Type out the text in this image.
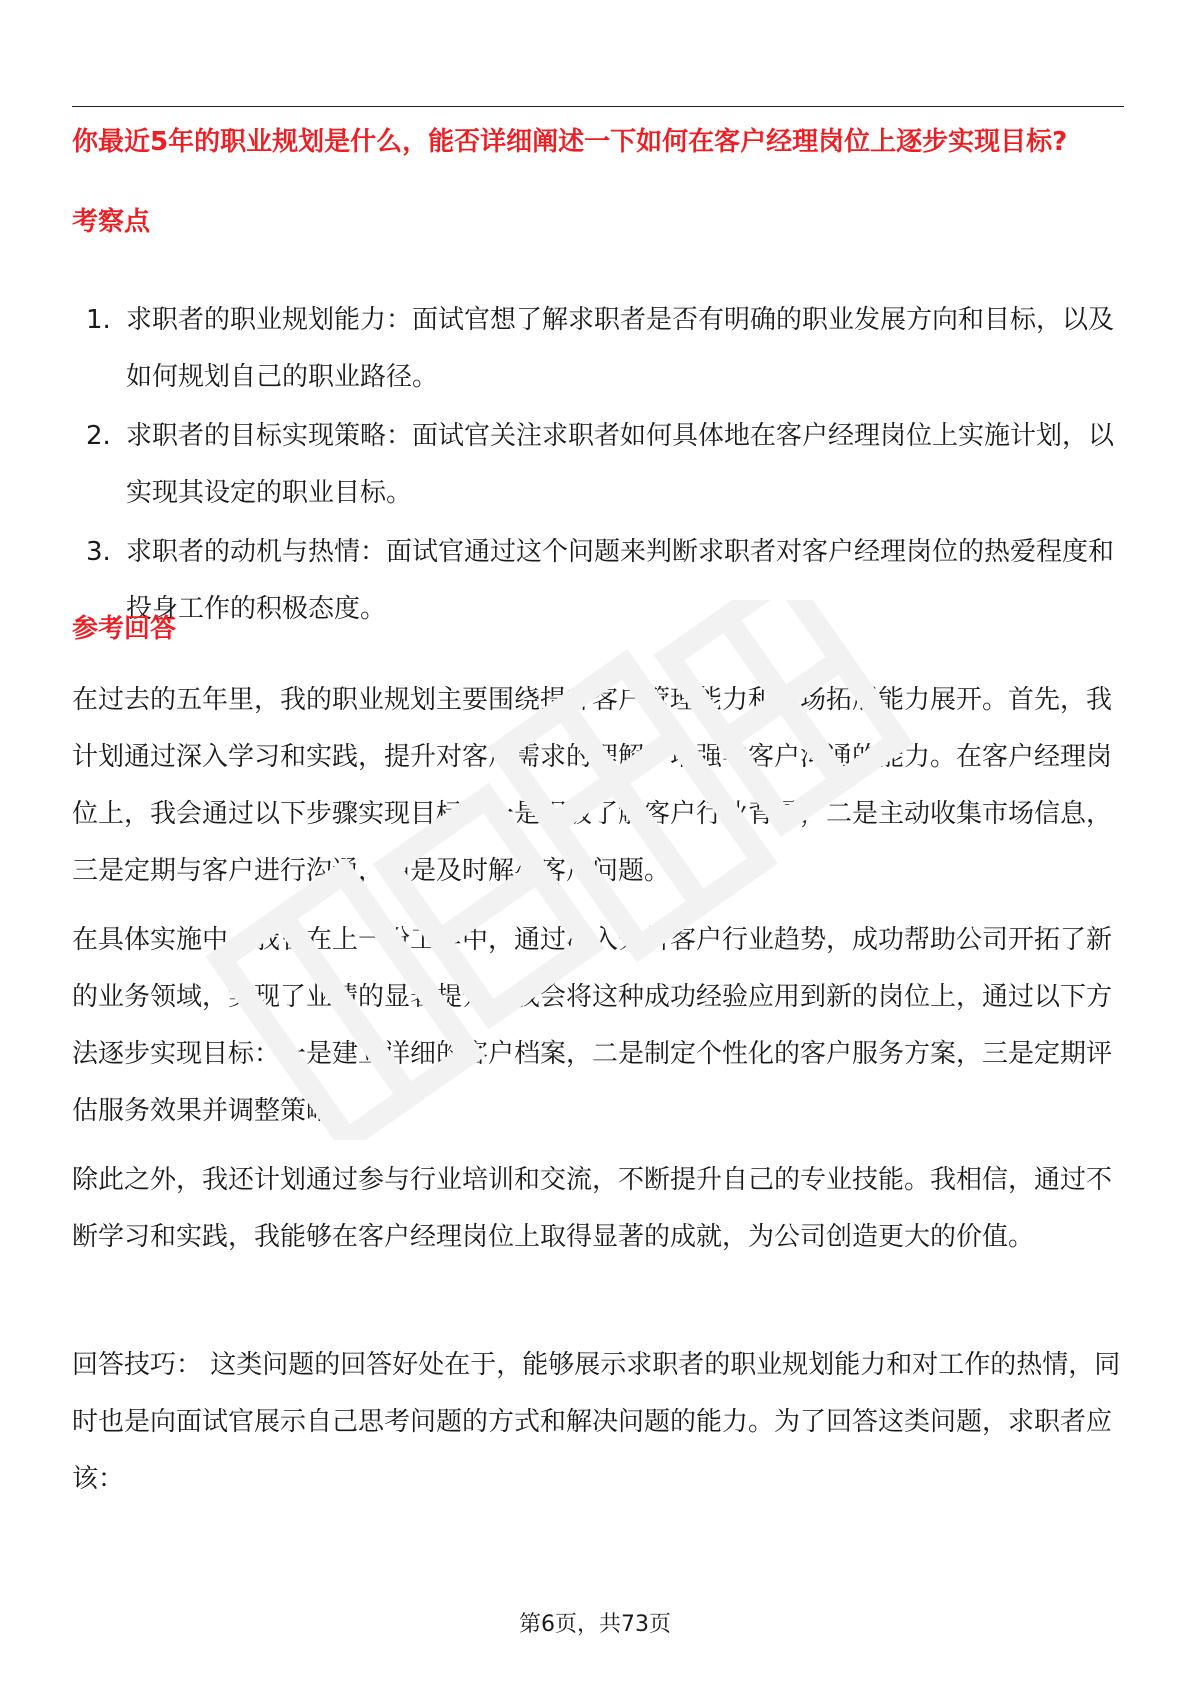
你最近5年的职业规划是什么，能否详细阐述一下如何在客户经理岗位上逐步实现目标?
考察点
1. 求职者的职业规划能力：面试官想了解求职者是否有明确的职业发展方向和目标，以及如何规划自己的职业路径。
2. 求职者的目标实现策略：面试官关注求职者如何具体地在客户经理岗位上实施计划，以实现其设定的职业目标。
3. 求职者的动机与热情：面试官通过这个问题来判断求职者对客户经理岗位的热爱程度和投身工作的积极态度。
参考回答

在过去的五年里，我的职业规划主要围绕提升客户管理能力和市场拓展能力展开。首先，我计划通过深入学习和实践，提升对客户需求的理解，增强与客户沟通的能力。在客户经理岗位上，我会通过以下步骤实现目标：一是积极了解客户行业背景，二是主动收集市场信息，三是定期与客户进行沟通，四是及时解决客户问题。

在具体实施中，我曾在上一份工作中，通过深入分析客户行业趋势，成功帮助公司开拓了新的业务领域，实现了业绩的显著提升。我会将这种成功经验应用到新的岗位上，通过以下方法逐步实现目标：一是建立详细的客户档案，二是制定个性化的客户服务方案，三是定期评估服务效果并调整策略。

除此之外，我还计划通过参与行业培训和交流，不断提升自己的专业技能。我相信，通过不断学习和实践，我能够在客户经理岗位上取得显著的成就，为公司创造更大的价值。

回答技巧： 这类问题的回答好处在于，能够展示求职者的职业规划能力和对工作的热情，同时也是向面试官展示自己思考问题的方式和解决问题的能力。为了回答这类问题，求职者应该：

第6页，共73页
